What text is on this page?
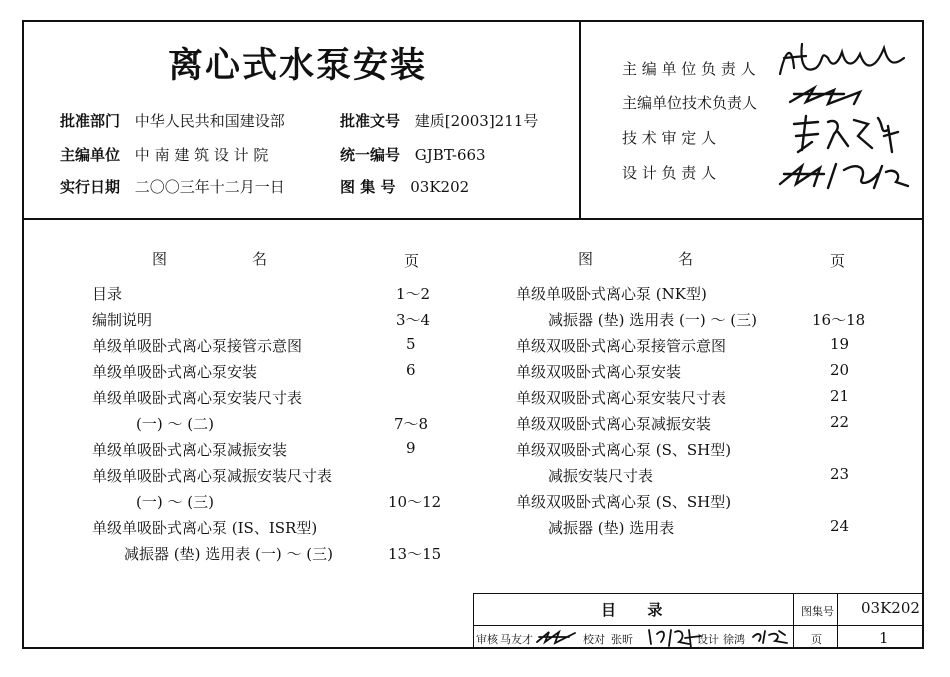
离心式水泵安装
批准部门 中华人民共和国建设部	批准文号 建质[2003]211号
主编单位 中 南 建 筑 设 计 院	统一编号 GJBT-663
实行日期 二〇〇三年十二月一日	图 集 号 03K202
主 编 单 位 负 责 人
主编单位技术负责人
技 术 审 定 人
设 计 负 责 人
图	名	页	图	名	页
目录	1～2
编制说明	3～4
单级单吸卧式离心泵接管示意图	5
单级单吸卧式离心泵安装	6
单级单吸卧式离心泵安装尺寸表
(一) ～ (二)	7～8
单级单吸卧式离心泵减振安装	9
单级单吸卧式离心泵减振安装尺寸表
(一) ～ (三)	10～12
单级单吸卧式离心泵 (IS、ISR型)
减振器 (垫) 选用表 (一) ～ (三)	13～15
单级单吸卧式离心泵 (NK型)
减振器 (垫) 选用表 (一) ～ (三)	16～18
单级双吸卧式离心泵接管示意图	19
单级双吸卧式离心泵安装	20
单级双吸卧式离心泵安装尺寸表	21
单级双吸卧式离心泵减振安装	22
单级双吸卧式离心泵 (S、SH型)
减振安装尺寸表	23
单级双吸卧式离心泵 (S、SH型)
减振器 (垫) 选用表	24
目      录	图集号 03K202
审核 马友才	校对 张昕	设计 徐鸿	页	1
